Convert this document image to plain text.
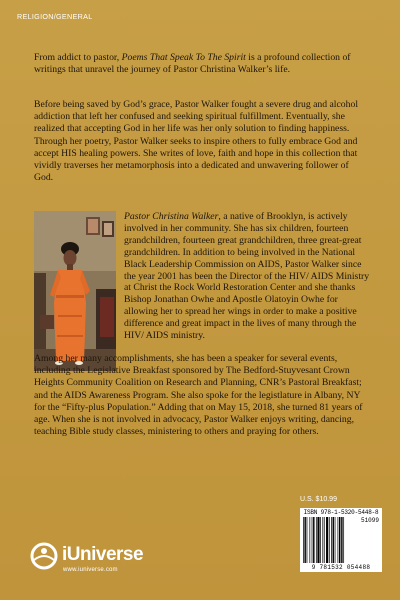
RELIGION/GENERAL

From addict to pastor, Poems That Speak To The Spirit is a profound collection of writings that unravel the journey of Pastor Christina Walker’s life.

Before being saved by God’s grace, Pastor Walker fought a severe drug and alcohol addiction that left her confused and seeking spiritual fulfillment. Eventually, she realized that accepting God in her life was her only solution to finding happiness. Through her poetry, Pastor Walker seeks to inspire others to fully embrace God and accept HIS healing powers. She writes of love, faith and hope in this collection that vividly traverses her metamorphosis into a dedicated and unwavering follower of God.

Pastor Christina Walker, a native of Brooklyn, is actively involved in her community. She has six children, fourteen grandchildren, fourteen great grandchildren, three great-great grandchildren. In addition to being involved in the National Black Leadership Commission on AIDS, Pastor Walker since the year 2001 has been the Director of the HIV/ AIDS Ministry at Christ the Rock World Restoration Center and she thanks Bishop Jonathan Owhe and Apostle Olatoyin Owhe for allowing her to spread her wings in order to make a positive difference and great impact in the lives of many through the HIV/ AIDS ministry.

Among her many accomplishments, she has been a speaker for several events, including the Legislative Breakfast sponsored by The Bedford-Stuyvesant Crown Heights Community Coalition on Research and Planning, CNR’s Pastoral Breakfast; and the AIDS Awareness Program. She also spoke for the legistlature in Albany, NY for the “Fifty-plus Population.” Adding that on May 15, 2018, she turned 81 years of age. When she is not involved in advocacy, Pastor Walker enjoys writing, dancing, teaching Bible study classes, ministering to others and praying for others.

U.S. $10.99
ISBN 978-1-5320-5448-8
51099
9 781532 054488
iUniverse
www.iuniverse.com
